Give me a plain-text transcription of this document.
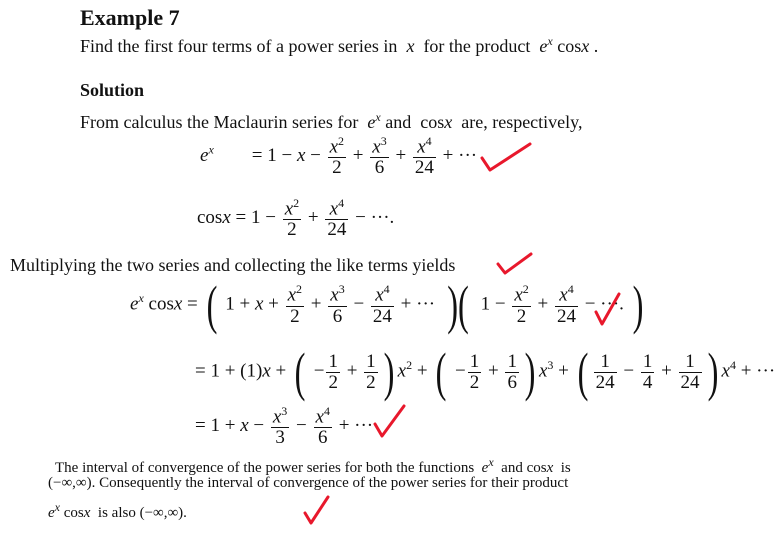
Example 7
Find the first four terms of a power series in  x  for the product  $e^x$ cosx .
Solution
From calculus the Maclaurin series for  $e^x$ and  cosx  are, respectively,
$e^x$        = $1 - x - \frac{x^2}{2} + \frac{x^3}{6} + \frac{x^4}{24}$ + ···
$\cos x = 1 - \frac{x^2}{2} + \frac{x^4}{24}$ − ···.
Multiplying the two series and collecting the like terms yields
$e^x$ cosx = ( $1 + x + \frac{x^2}{2} + \frac{x^3}{6} - \frac{x^4}{24}$ + ··· )( $1 - \frac{x^2}{2} + \frac{x^4}{24}$ − ···. )
= 1 + (1)x + ( − $\frac{1}{2} + \frac{1}{2}$ ) $x^2$ + ( − $\frac{1}{2} + \frac{1}{6}$ ) $x^3$ + ( $\frac{1}{24} - \frac{1}{4} + \frac{1}{24}$ ) $x^4$ + ···
= $1 + x - \frac{x^3}{3} - \frac{x^4}{6}$ + ···
The interval of convergence of the power series for both the functions  $e^x$  and cosx  is
(−∞,∞). Consequently the interval of convergence of the power series for their product
$e^x$ cosx  is also (−∞,∞).
